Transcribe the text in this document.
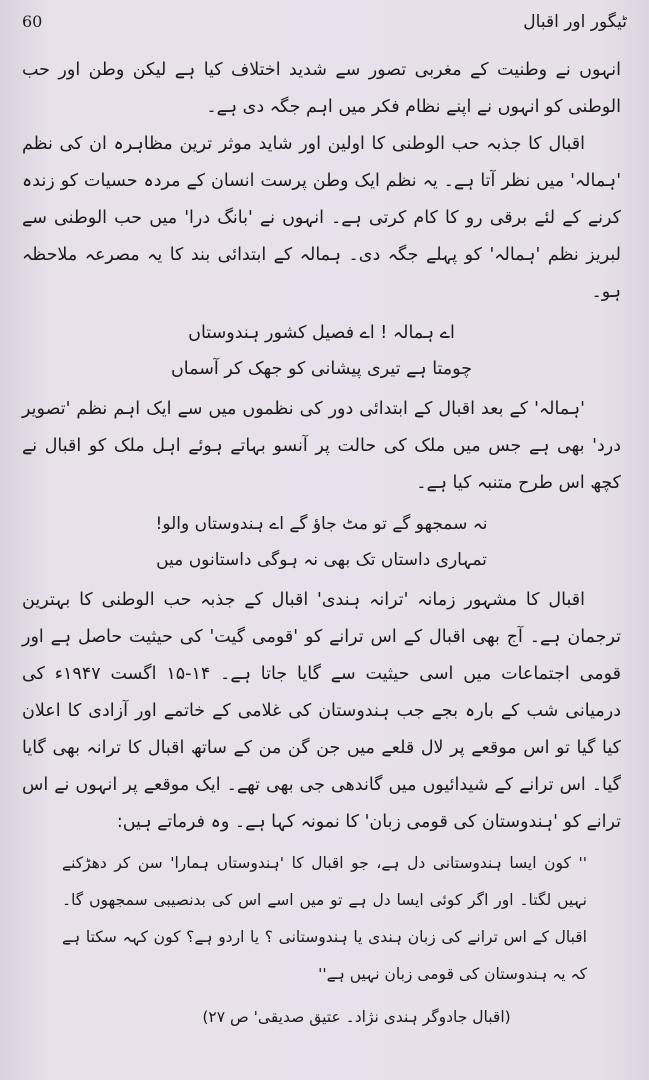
60	ٹیگور اور اقبال

انہوں نے وطنیت کے مغربی تصور سے شدید اختلاف کیا ہے لیکن وطن اور حب الوطنی کو انہوں نے اپنے نظام فکر میں اہم جگہ دی ہے۔

اقبال کا جذبہ حب الوطنی کا اولین اور شاید موثر ترین مظاہرہ ان کی نظم 'ہمالہ' میں نظر آتا ہے۔ یہ نظم ایک وطن پرست انسان کے مردہ حسیات کو زندہ کرنے کے لئے برقی رو کا کام کرتی ہے۔ انہوں نے 'بانگ درا' میں حب الوطنی سے لبریز نظم 'ہمالہ' کو پہلے جگہ دی۔ ہمالہ کے ابتدائی بند کا یہ مصرعہ ملاحظہ ہو۔

اے ہمالہ ! اے فصیل کشور ہندوستاں
چومتا ہے تیری پیشانی کو جھک کر آسماں

'ہمالہ' کے بعد اقبال کے ابتدائی دور کی نظموں میں سے ایک اہم نظم 'تصویر درد' بھی ہے جس میں ملک کی حالت پر آنسو بہاتے ہوئے اہل ملک کو اقبال نے کچھ اس طرح متنبہ کیا ہے۔

نہ سمجھو گے تو مٹ جاؤ گے اے ہندوستاں والو!
تمہاری داستاں تک بھی نہ ہوگی داستانوں میں

اقبال کا مشہور زمانہ 'ترانہ ہندی' اقبال کے جذبہ حب الوطنی کا بہترین ترجمان ہے۔ آج بھی اقبال کے اس ترانے کو 'قومی گیت' کی حیثیت حاصل ہے اور قومی اجتماعات میں اسی حیثیت سے گایا جاتا ہے۔ ۱۴-۱۵ اگست ۱۹۴۷ء کی درمیانی شب کے بارہ بجے جب ہندوستان کی غلامی کے خاتمے اور آزادی کا اعلان کیا گیا تو اس موقعے پر لال قلعے میں جن گن من کے ساتھ اقبال کا ترانہ بھی گایا گیا۔ اس ترانے کے شیدائیوں میں گاندھی جی بھی تھے۔ ایک موقعے پر انہوں نے اس ترانے کو 'ہندوستان کی قومی زبان' کا نمونہ کہا ہے۔ وہ فرماتے ہیں:

'' کون ایسا ہندوستانی دل ہے، جو اقبال کا 'ہندوستاں ہمارا' سن کر دھڑکنے نہیں لگتا۔ اور اگر کوئی ایسا دل ہے تو میں اسے اس کی بدنصیبی سمجھوں گا۔ اقبال کے اس ترانے کی زبان ہندی یا ہندوستانی ؟ یا اردو ہے؟ کون کہہ سکتا ہے کہ یہ ہندوستان کی قومی زبان نہیں ہے''

(اقبال جادوگر ہندی نژاد۔ عتیق صدیقی' ص ۲۷)
